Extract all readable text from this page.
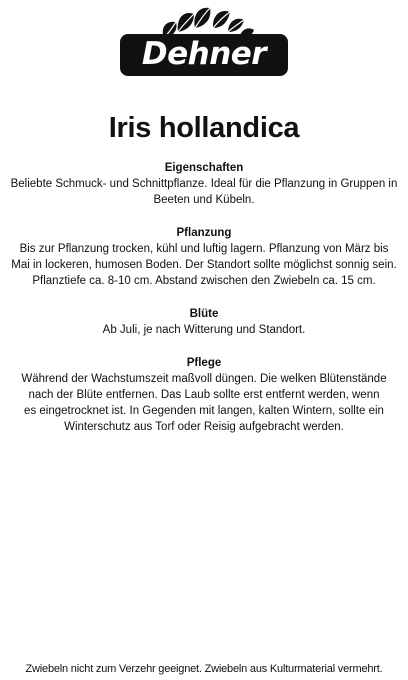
Dehner
Iris hollandica
Eigenschaften

Beliebte Schmuck- und Schnittpflanze. Ideal für die Pflanzung in Gruppen in

Beeten und Kübeln.

Pflanzung

Bis zur Pflanzung trocken, kühl und luftig lagern. Pflanzung von März bis

Mai in lockeren, humosen Boden. Der Standort sollte möglichst sonnig sein.

Pflanztiefe ca. 8-10 cm. Abstand zwischen den Zwiebeln ca. 15 cm.

Blüte

Ab Juli, je nach Witterung und Standort.

Pflege

Während der Wachstumszeit maßvoll düngen. Die welken Blütenstände

nach der Blüte entfernen. Das Laub sollte erst entfernt werden, wenn

es eingetrocknet ist. In Gegenden mit langen, kalten Wintern, sollte ein

Winterschutz aus Torf oder Reisig aufgebracht werden.

Zwiebeln nicht zum Verzehr geeignet. Zwiebeln aus Kulturmaterial vermehrt.
